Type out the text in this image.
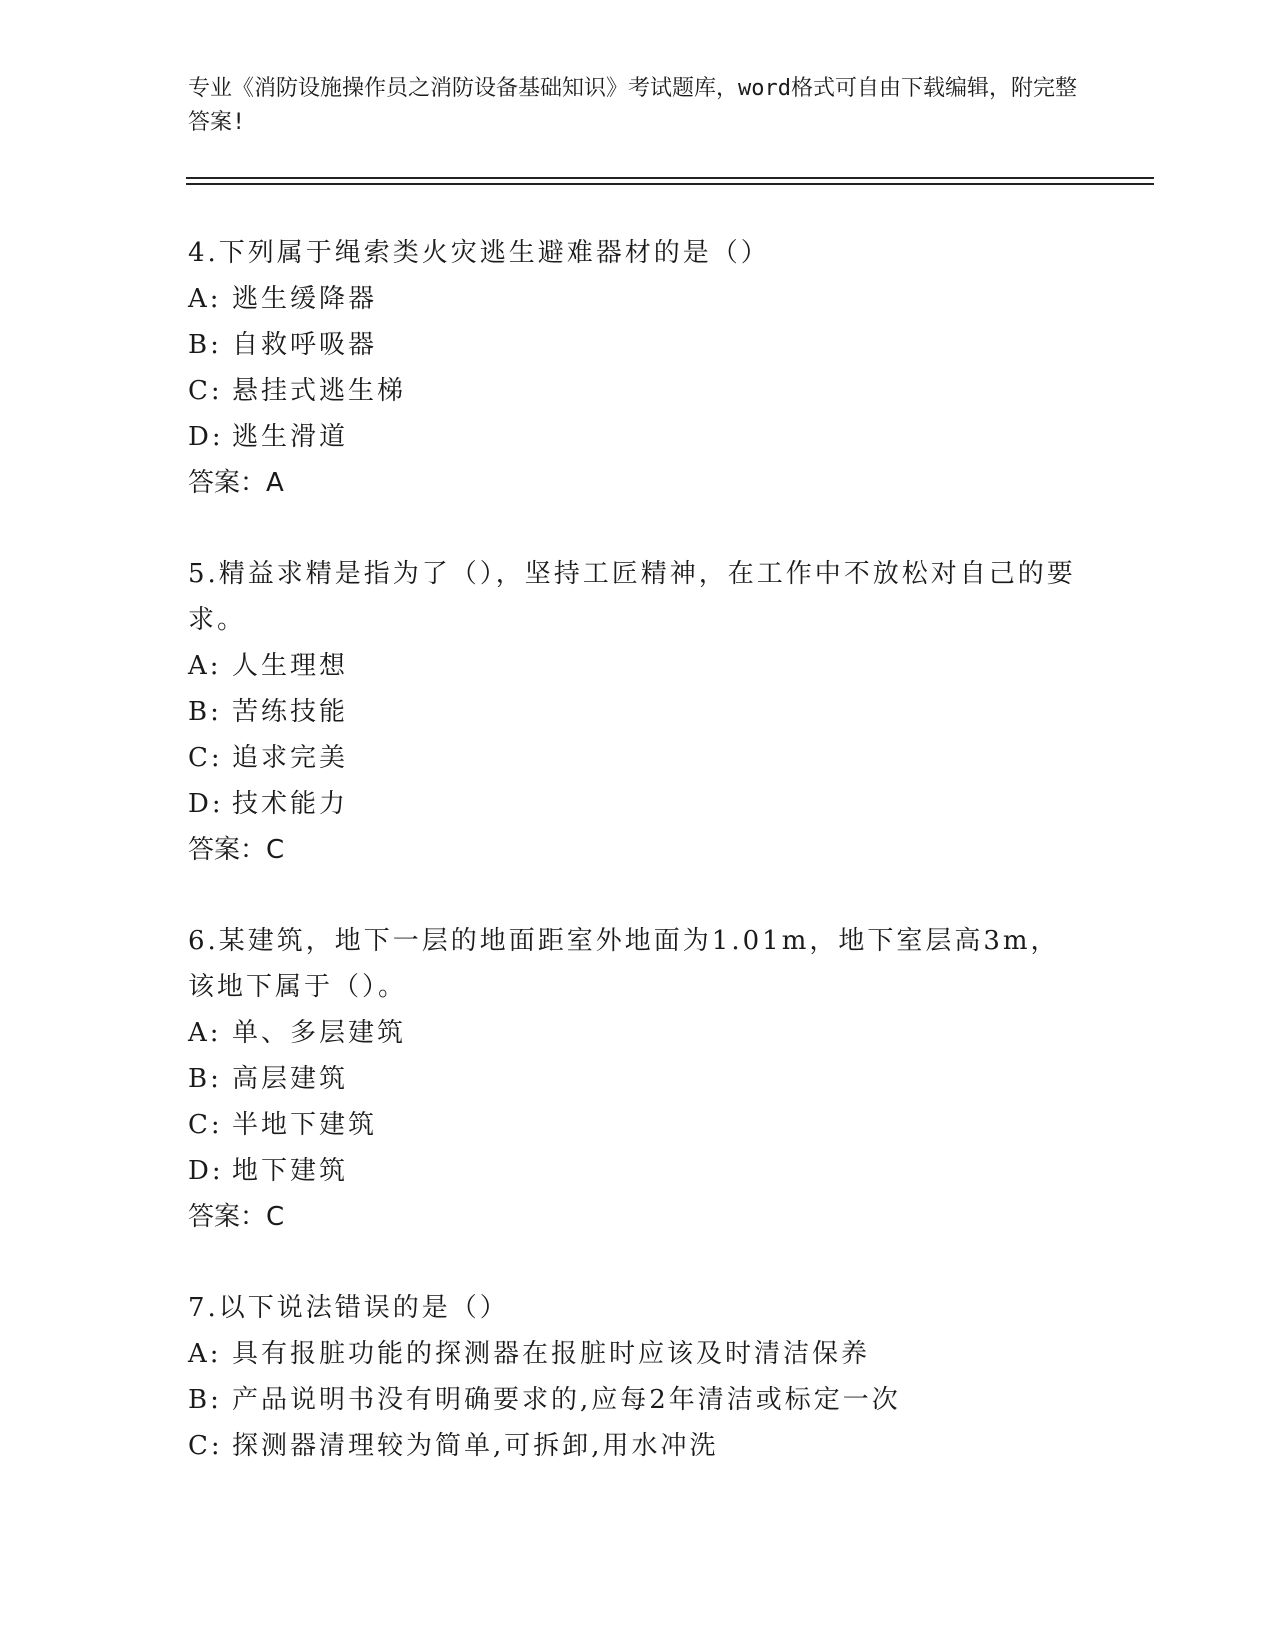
专业《消防设施操作员之消防设备基础知识》考试题库，word格式可自由下载编辑，附完整答案!
4.下列属于绳索类火灾逃生避难器材的是（）
A: 逃生缓降器
B: 自救呼吸器
C: 悬挂式逃生梯
D: 逃生滑道
答案：A
5.精益求精是指为了（），坚持工匠精神，在工作中不放松对自己的要求。
A: 人生理想
B: 苦练技能
C: 追求完美
D: 技术能力
答案：C
6.某建筑，地下一层的地面距室外地面为1.01m，地下室层高3m，该地下属于（）。
A: 单、多层建筑
B: 高层建筑
C: 半地下建筑
D: 地下建筑
答案：C
7.以下说法错误的是（）
A: 具有报脏功能的探测器在报脏时应该及时清洁保养
B: 产品说明书没有明确要求的,应每2年清洁或标定一次
C: 探测器清理较为简单,可拆卸,用水冲洗
